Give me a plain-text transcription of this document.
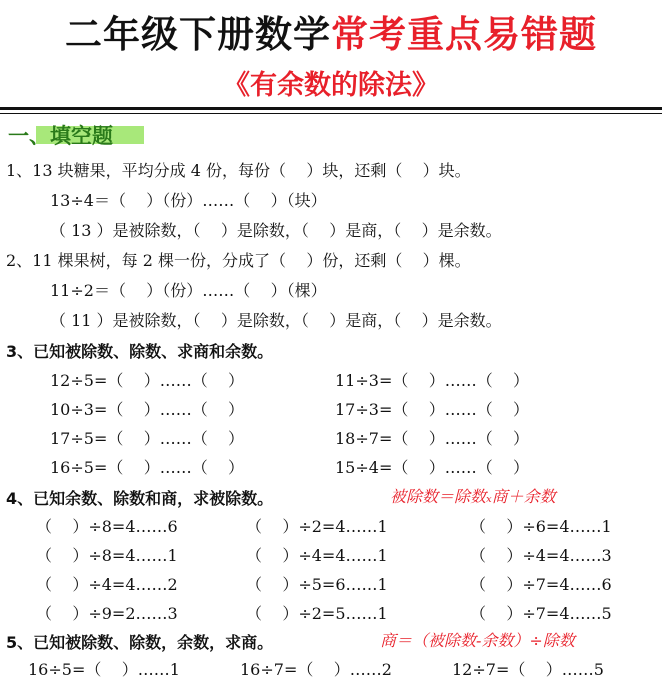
二年级下册数学常考重点易错题
《有余数的除法》
一、填空题
1、13 块糖果，平均分成 4 份，每份（    ）块，还剩（    ）块。
13÷4＝（    ）（份）……（    ）（块）
（ 13 ）是被除数，（    ）是除数，（    ）是商，（    ）是余数。
2、11 棵果树，每 2 棵一份，分成了（    ）份，还剩（    ）棵。
11÷2＝（    ）（份）……（    ）（棵）
（ 11 ）是被除数，（    ）是除数，（    ）是商，（    ）是余数。
3、已知被除数、除数、求商和余数。
12÷5=（    ）……（    ）	11÷3=（    ）……（    ）
10÷3=（    ）……（    ）	17÷3=（    ）……（    ）
17÷5=（    ）……（    ）	18÷7=（    ）……（    ）
16÷5=（    ）……（    ）	15÷4=（    ）……（    ）
4、已知余数、除数和商，求被除数。	被除数＝除数ₓ商＋余数
（    ）÷8=4……6	（    ）÷2=4……1	（    ）÷6=4……1
（    ）÷8=4……1	（    ）÷4=4……1	（    ）÷4=4……3
（    ）÷4=4……2	（    ）÷5=6……1	（    ）÷7=4……6
（    ）÷9=2……3	（    ）÷2=5……1	（    ）÷7=4……5
5、已知被除数、除数，余数，求商。	商＝（被除数-余数）÷除数
16÷5=（    ）……1	16÷7=（    ）……2	12÷7=（    ）……5
